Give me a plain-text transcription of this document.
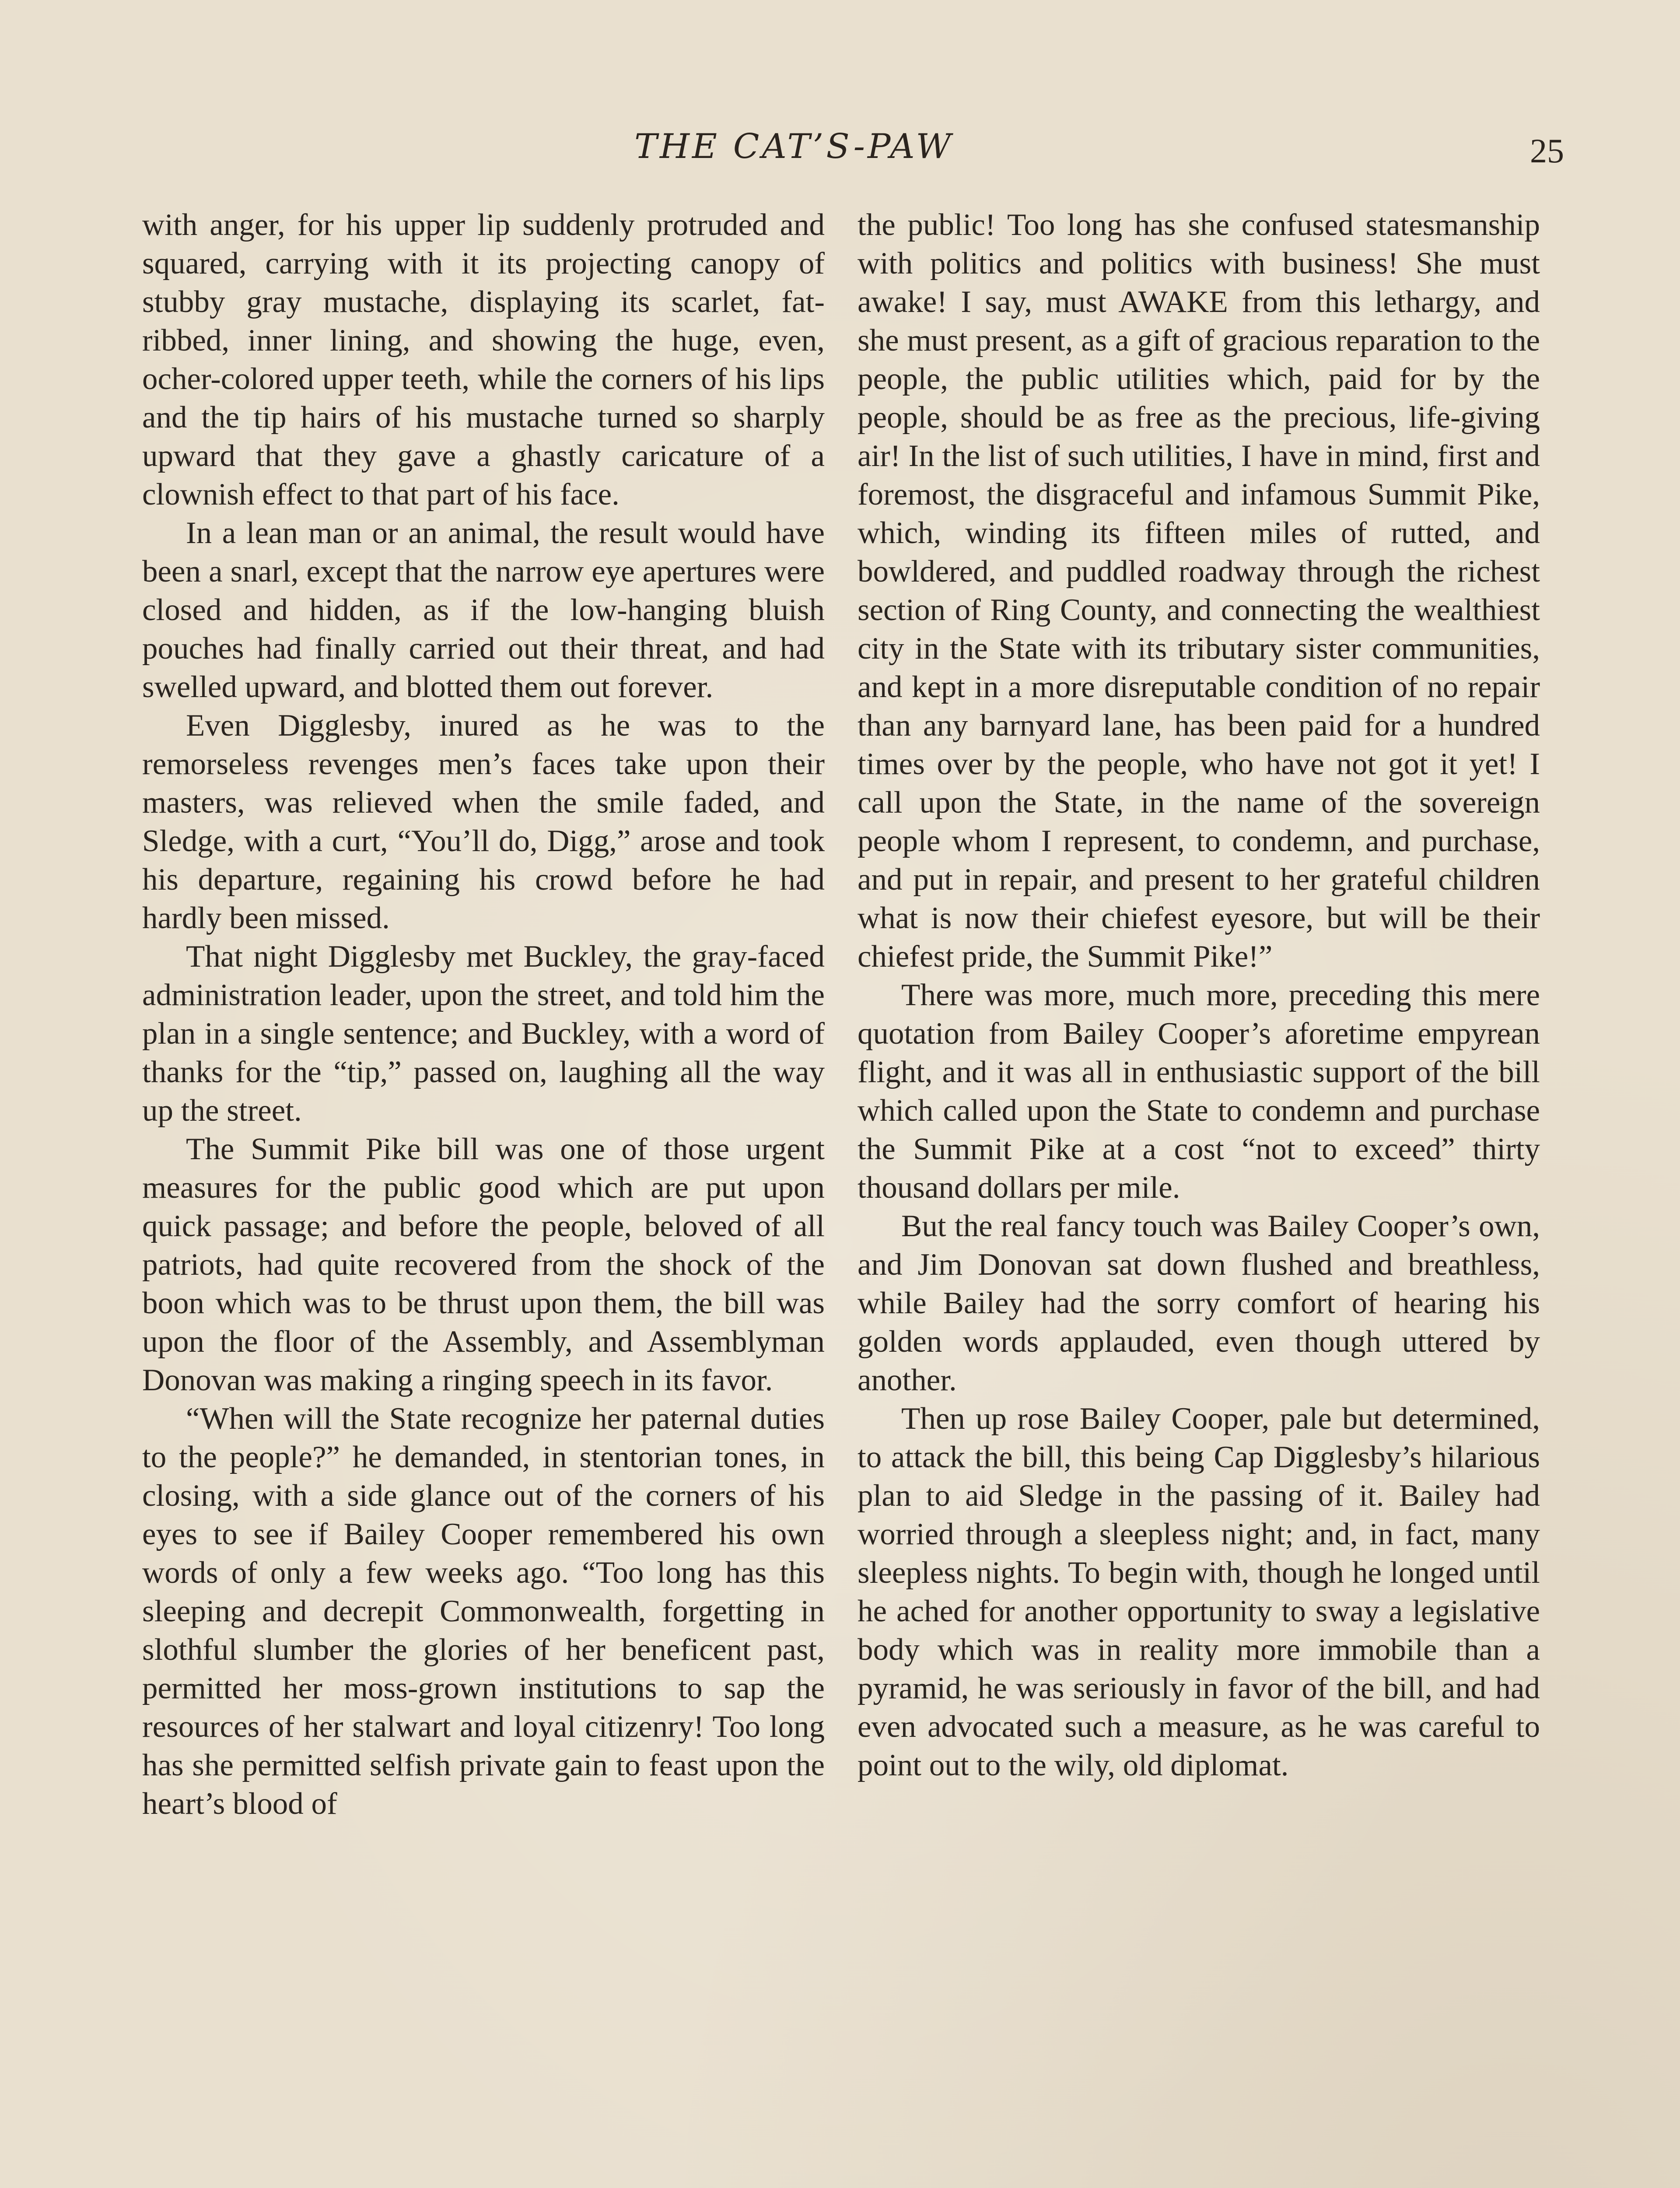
THE CAT’S-PAW	25

with anger, for his upper lip suddenly protruded and squared, carrying with it its projecting canopy of stubby gray mustache, displaying its scarlet, fat-ribbed, inner lining, and showing the huge, even, ocher-colored upper teeth, while the corners of his lips and the tip hairs of his mustache turned so sharply upward that they gave a ghastly caricature of a clownish effect to that part of his face.

In a lean man or an animal, the result would have been a snarl, except that the narrow eye apertures were closed and hidden, as if the low-hanging bluish pouches had finally carried out their threat, and had swelled upward, and blotted them out forever.

Even Digglesby, inured as he was to the remorseless revenges men’s faces take upon their masters, was relieved when the smile faded, and Sledge, with a curt, “You’ll do, Digg,” arose and took his departure, regaining his crowd before he had hardly been missed.

That night Digglesby met Buckley, the gray-faced administration leader, upon the street, and told him the plan in a single sentence; and Buckley, with a word of thanks for the “tip,” passed on, laughing all the way up the street.

The Summit Pike bill was one of those urgent measures for the public good which are put upon quick passage; and before the people, beloved of all patriots, had quite recovered from the shock of the boon which was to be thrust upon them, the bill was upon the floor of the Assembly, and Assemblyman Donovan was making a ringing speech in its favor.

“When will the State recognize her paternal duties to the people?” he demanded, in stentorian tones, in closing, with a side glance out of the corners of his eyes to see if Bailey Cooper remembered his own words of only a few weeks ago. “Too long has this sleeping and decrepit Commonwealth, forgetting in slothful slumber the glories of her beneficent past, permitted her moss-grown institutions to sap the resources of her stalwart and loyal citizenry! Too long has she permitted selfish private gain to feast upon the heart’s blood of

the public! Too long has she confused statesmanship with politics and politics with business! She must awake! I say, must AWAKE from this lethargy, and she must present, as a gift of gracious reparation to the people, the public utilities which, paid for by the people, should be as free as the precious, life-giving air! In the list of such utilities, I have in mind, first and foremost, the disgraceful and infamous Summit Pike, which, winding its fifteen miles of rutted, and bowldered, and puddled roadway through the richest section of Ring County, and connecting the wealthiest city in the State with its tributary sister communities, and kept in a more disreputable condition of no repair than any barnyard lane, has been paid for a hundred times over by the people, who have not got it yet! I call upon the State, in the name of the sovereign people whom I represent, to condemn, and purchase, and put in repair, and present to her grateful children what is now their chiefest eyesore, but will be their chiefest pride, the Summit Pike!”

There was more, much more, preceding this mere quotation from Bailey Cooper’s aforetime empyrean flight, and it was all in enthusiastic support of the bill which called upon the State to condemn and purchase the Summit Pike at a cost “not to exceed” thirty thousand dollars per mile.

But the real fancy touch was Bailey Cooper’s own, and Jim Donovan sat down flushed and breathless, while Bailey had the sorry comfort of hearing his golden words applauded, even though uttered by another.

Then up rose Bailey Cooper, pale but determined, to attack the bill, this being Cap Digglesby’s hilarious plan to aid Sledge in the passing of it. Bailey had worried through a sleepless night; and, in fact, many sleepless nights. To begin with, though he longed until he ached for another opportunity to sway a legislative body which was in reality more immobile than a pyramid, he was seriously in favor of the bill, and had even advocated such a measure, as he was careful to point out to the wily, old diplomat.
